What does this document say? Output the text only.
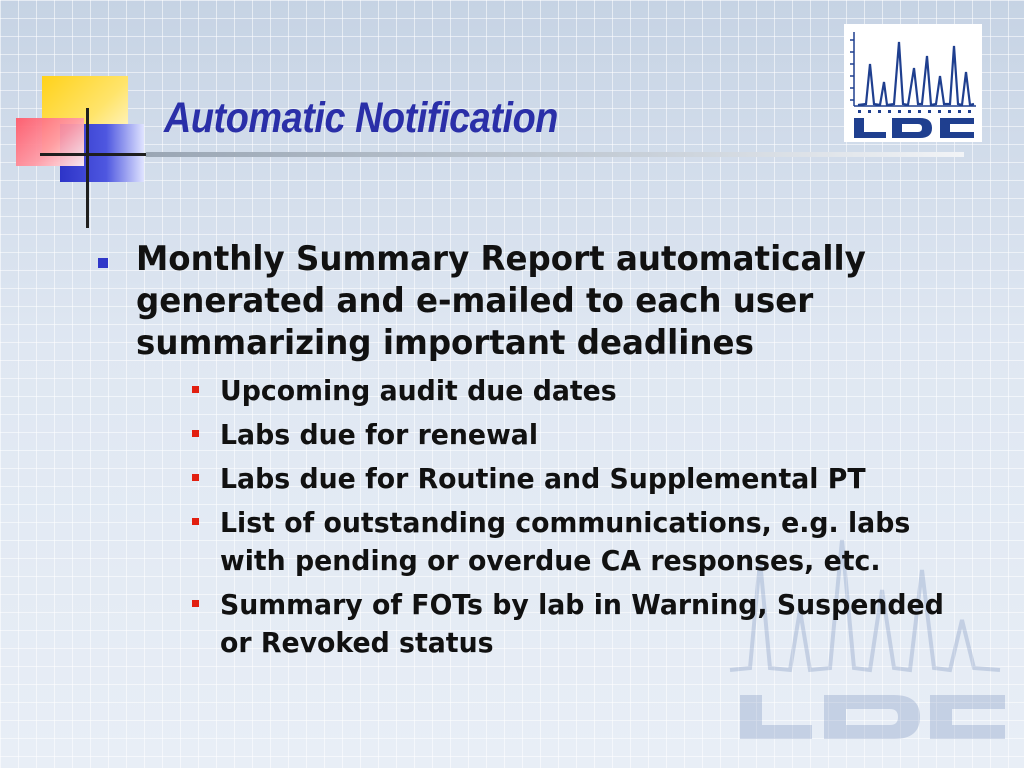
Automatic Notification
Monthly Summary Report automatically generated and e-mailed to each user summarizing important deadlines
Upcoming audit due dates
Labs due for renewal
Labs due for Routine and Supplemental PT
List of outstanding communications, e.g. labs with pending or overdue CA responses, etc.
Summary of FOTs by lab in Warning, Suspended or Revoked status
